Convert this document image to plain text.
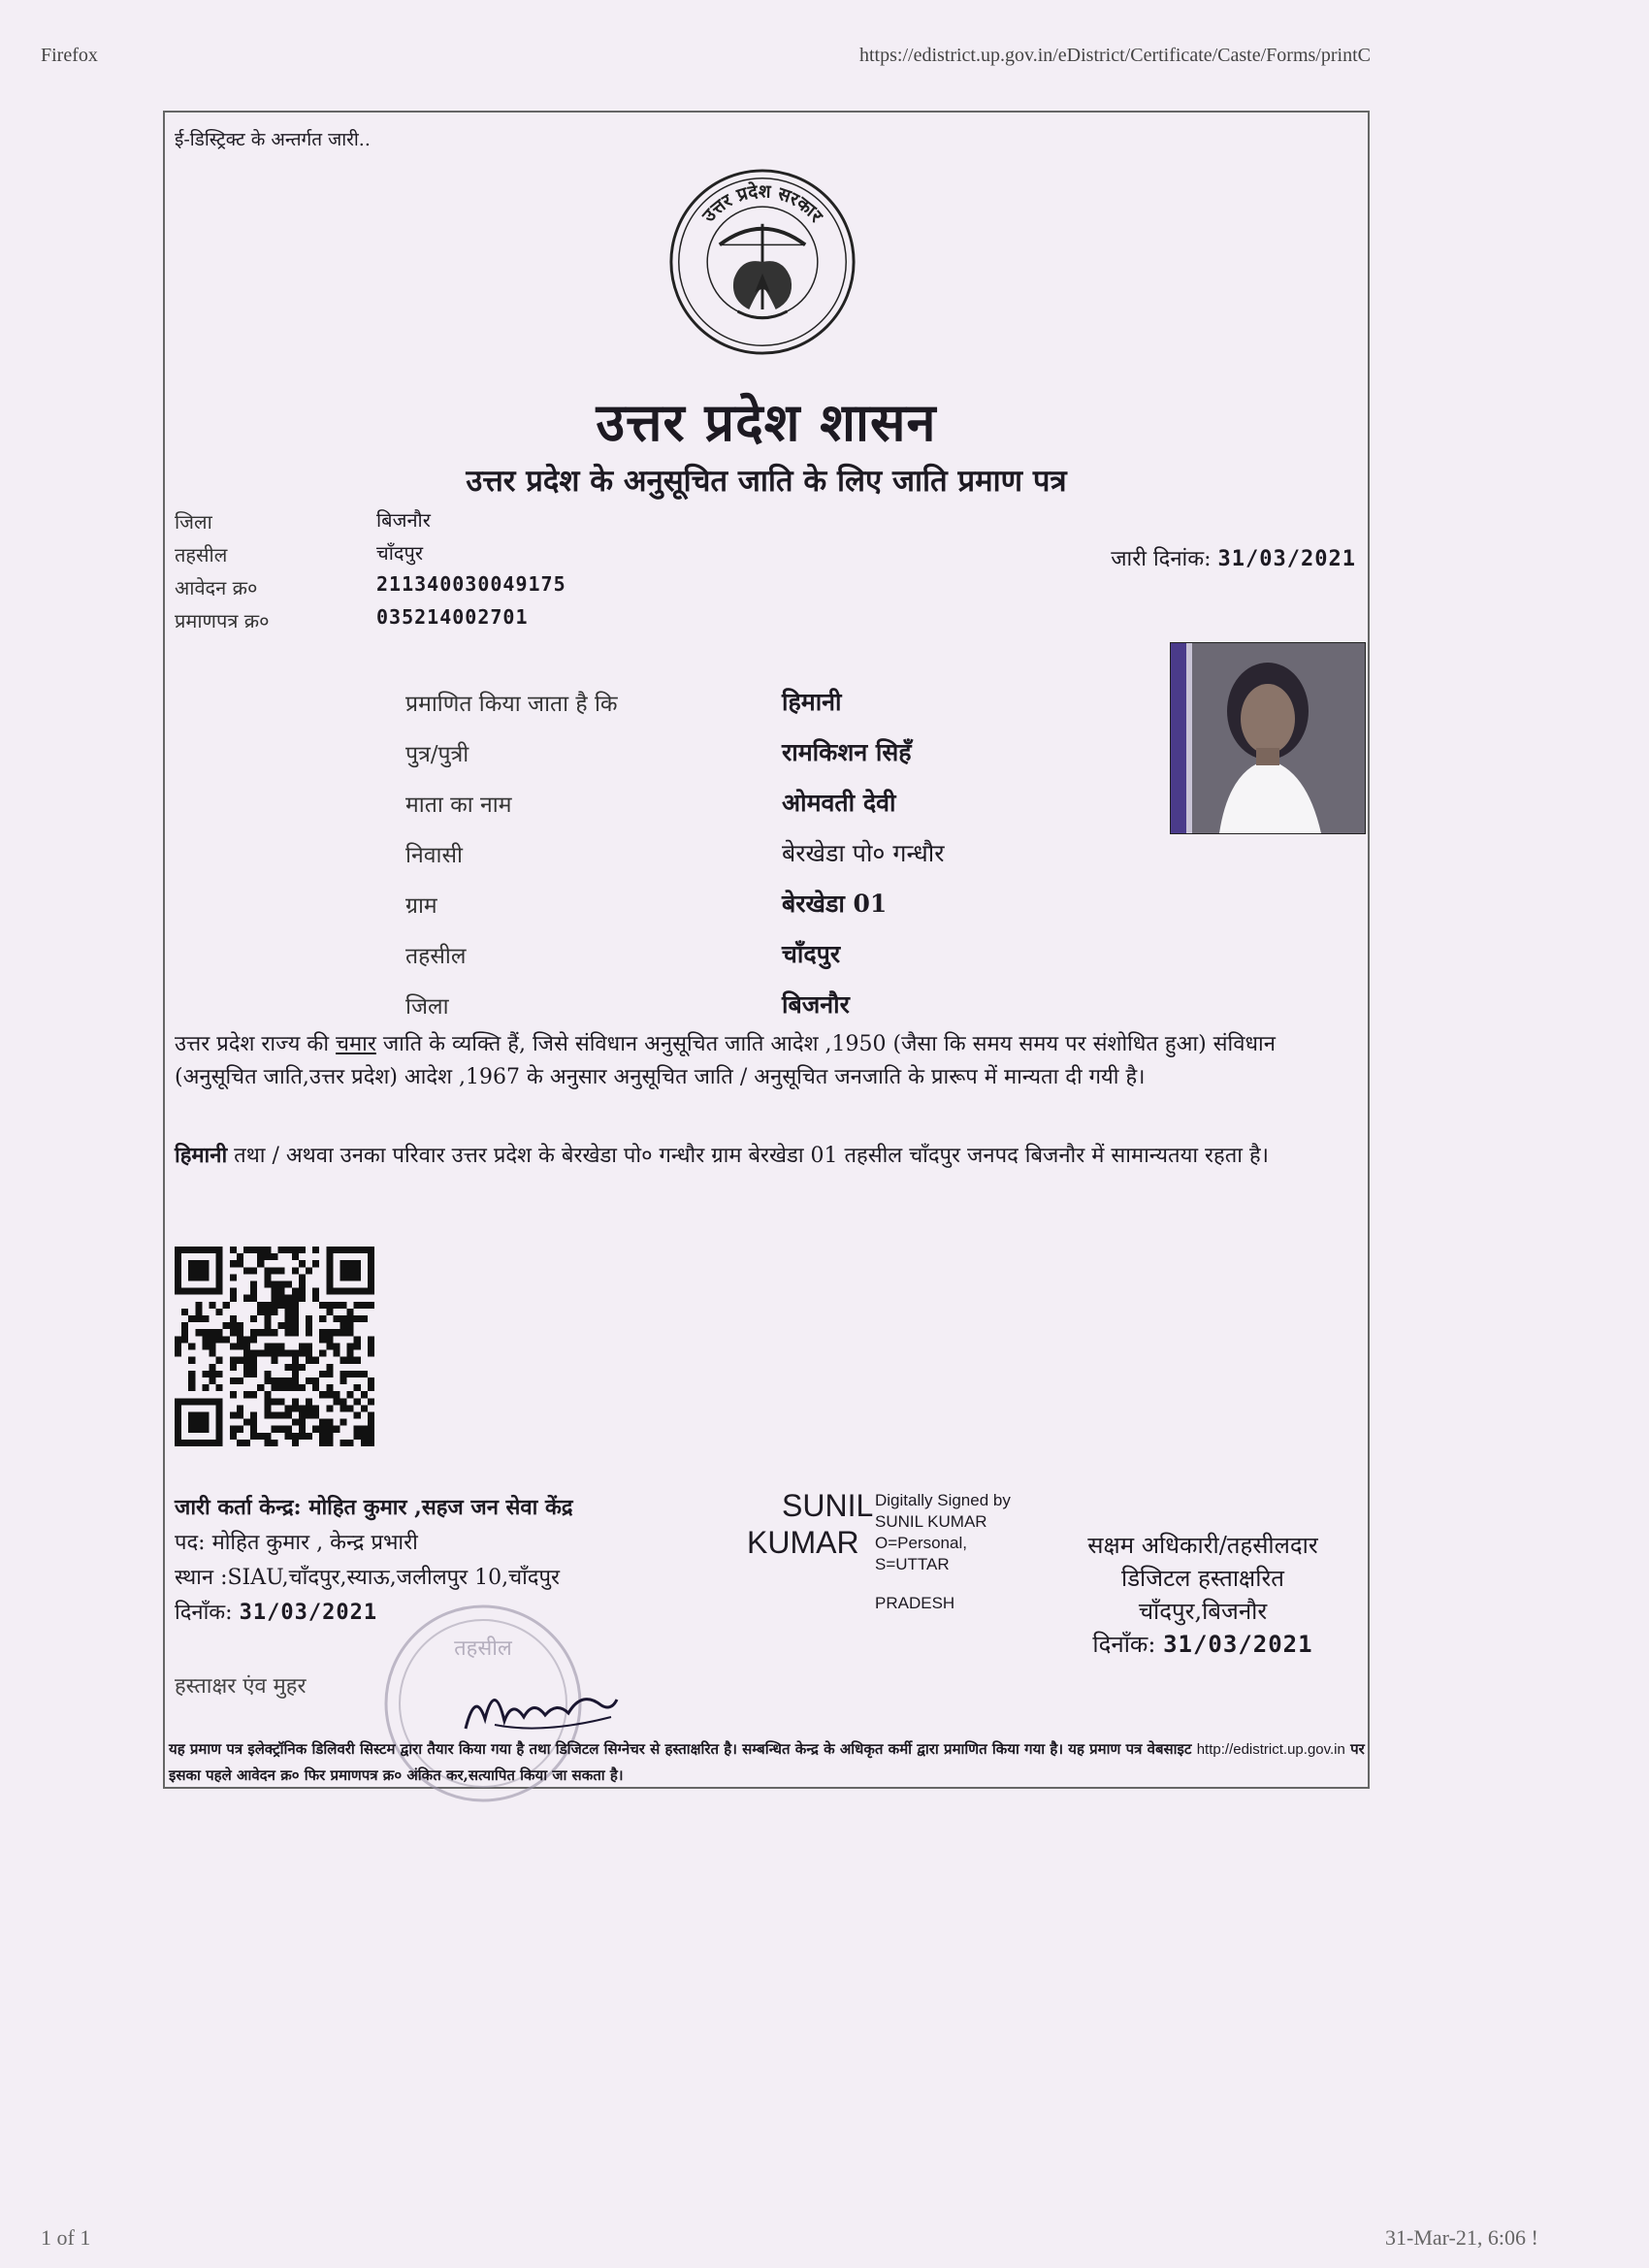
Firefox	https://edistrict.up.gov.in/eDistrict/Certificate/Caste/Forms/printC
1 of 1	31-Mar-21, 6:06 !
ई-डिस्ट्रिक्ट के अन्तर्गत जारी..
उत्तर प्रदेश सरकार
उत्तर प्रदेश शासन
उत्तर प्रदेश के अनुसूचित जाति के लिए जाति प्रमाण पत्र
जिला	बिजनौर
तहसील	चाँदपुर
आवेदन क्र०	211340030049175
प्रमाणपत्र क्र०	035214002701
जारी दिनांक: 31/03/2021
प्रमाणित किया जाता है कि	हिमानी
पुत्र/पुत्री	रामकिशन सिहँ
माता का नाम	ओमवती देवी
निवासी	बेरखेडा पो० गन्धौर
ग्राम	बेरखेडा 01
तहसील	चाँदपुर
जिला	बिजनौर
उत्तर प्रदेश राज्य की चमार जाति के व्यक्ति हैं, जिसे संविधान अनुसूचित जाति आदेश ,1950 (जैसा कि समय समय पर संशोधित हुआ) संविधान (अनुसूचित जाति,उत्तर प्रदेश) आदेश ,1967 के अनुसार अनुसूचित जाति / अनुसूचित जनजाति के प्रारूप में मान्यता दी गयी है।
हिमानी तथा / अथवा उनका परिवार उत्तर प्रदेश के बेरखेडा पो० गन्धौर ग्राम बेरखेडा 01 तहसील चाँदपुर जनपद बिजनौर में सामान्यतया रहता है।
जारी कर्ता केन्द्र: मोहित कुमार ,सहज जन सेवा केंद्र
पद: मोहित कुमार , केन्द्र प्रभारी
स्थान :SIAU,चाँदपुर,स्याऊ,जलीलपुर 10,चाँदपुर
दिनाँक: 31/03/2021
हस्ताक्षर एंव मुहर
तहसील
SUNIL
KUMAR
Digitally Signed by
SUNIL KUMAR
O=Personal,
S=UTTAR
PRADESH
सक्षम अधिकारी/तहसीलदार
डिजिटल हस्ताक्षरित
चाँदपुर,बिजनौर
दिनाँक: 31/03/2021
यह प्रमाण पत्र इलेक्ट्रॉनिक डिलिवरी सिस्टम द्वारा तैयार किया गया है तथा डिजिटल सिग्नेचर से हस्ताक्षरित है। सम्बन्धित केन्द्र के अधिकृत कर्मी द्वारा प्रमाणित किया गया है। यह प्रमाण पत्र वेबसाइट http://edistrict.up.gov.in पर इसका पहले आवेदन क्र० फिर प्रमाणपत्र क्र० अंकित कर,सत्यापित किया जा सकता है।
